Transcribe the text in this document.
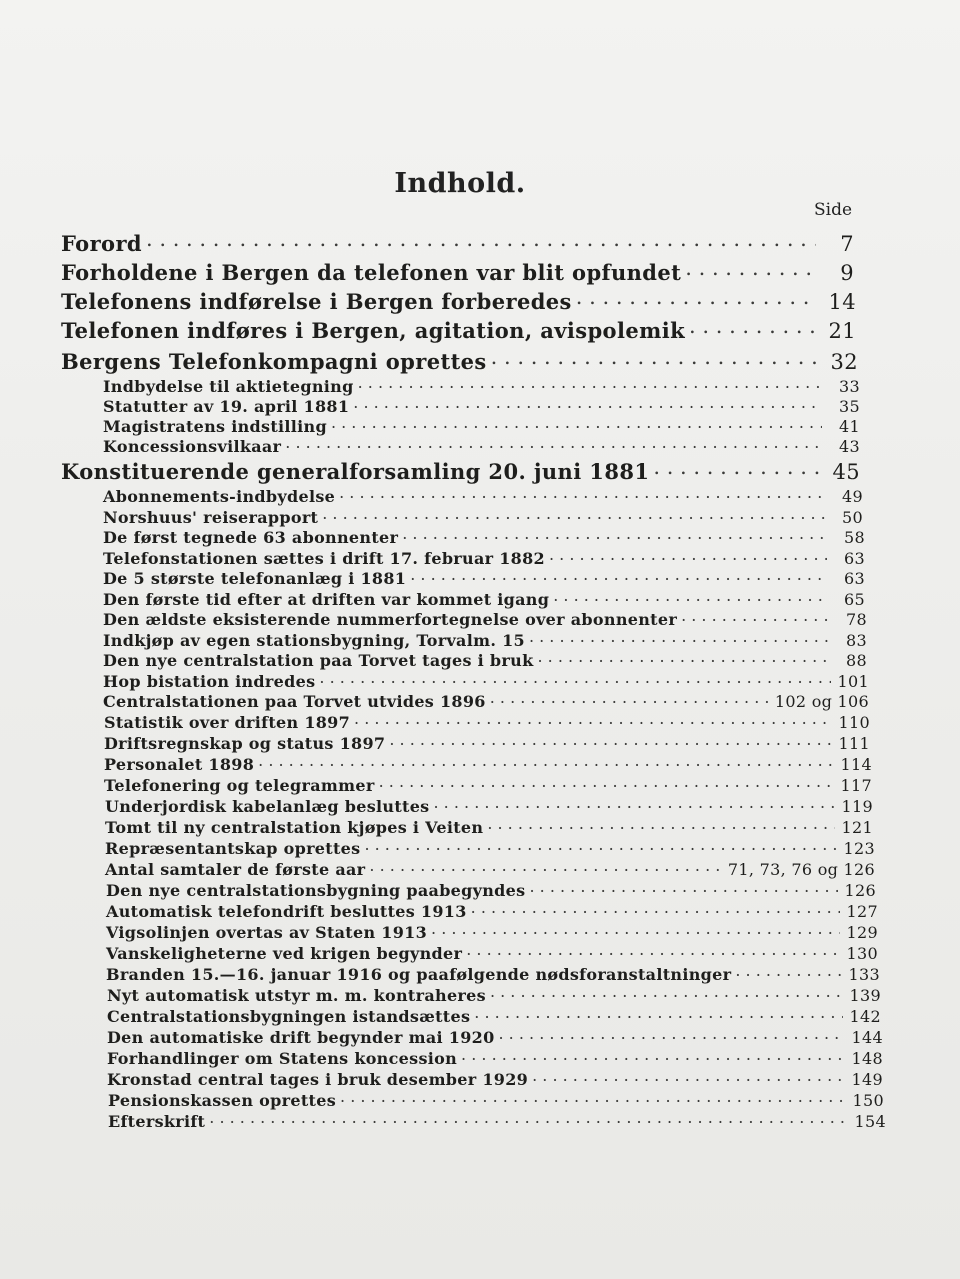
Indhold.
Side
Forord . . .	7
Forholdene i Bergen da telefonen var blit opfundet . . .	9
Telefonens indførelse i Bergen forberedes . . .	14
Telefonen indføres i Bergen, agitation, avispolemik . . .	21
Bergens Telefonkompagni oprettes . . .	32
Indbydelse til aktietegning . . .	33
Statutter av 19. april 1881 . . .	35
Magistratens indstilling . . .	41
Koncessionsvilkaar . . .	43
Konstituerende generalforsamling 20. juni 1881 . . .	45
Abonnements-indbydelse . . .	49
Norshuus' reiserapport . . .	50
De først tegnede 63 abonnenter . . .	58
Telefonstationen sættes i drift 17. februar 1882 . . .	63
De 5 største telefonanlæg i 1881 . . .	63
Den første tid efter at driften var kommet igang . . .	65
Den ældste eksisterende nummerfortegnelse over abonnenter . . .	78
Indkjøp av egen stationsbygning, Torvalm. 15 . . .	83
Den nye centralstation paa Torvet tages i bruk . . .	88
Hop bistation indredes . . .	101
Centralstationen paa Torvet utvides 1896 . . .	102 og 106
Statistik over driften 1897 . . .	110
Driftsregnskap og status 1897 . . .	111
Personalet 1898 . . .	114
Telefonering og telegrammer . . .	117
Underjordisk kabelanlæg besluttes . . .	119
Tomt til ny centralstation kjøpes i Veiten . . .	121
Repræsentantskap oprettes . . .	123
Antal samtaler de første aar . . .	71, 73, 76 og 126
Den nye centralstationsbygning paabegyndes . . .	126
Automatisk telefondrift besluttes 1913 . . .	127
Vigsolinjen overtas av Staten 1913 . . .	129
Vanskeligheterne ved krigen begynder . . .	130
Branden 15.—16. januar 1916 og paafølgende nødsforanstaltninger . . .	133
Nyt automatisk utstyr m. m. kontraheres . . .	139
Centralstationsbygningen istandsættes . . .	142
Den automatiske drift begynder mai 1920 . . .	144
Forhandlinger om Statens koncession . . .	148
Kronstad central tages i bruk desember 1929 . . .	149
Pensionskassen oprettes . . .	150
Efterskrift . . .	154
